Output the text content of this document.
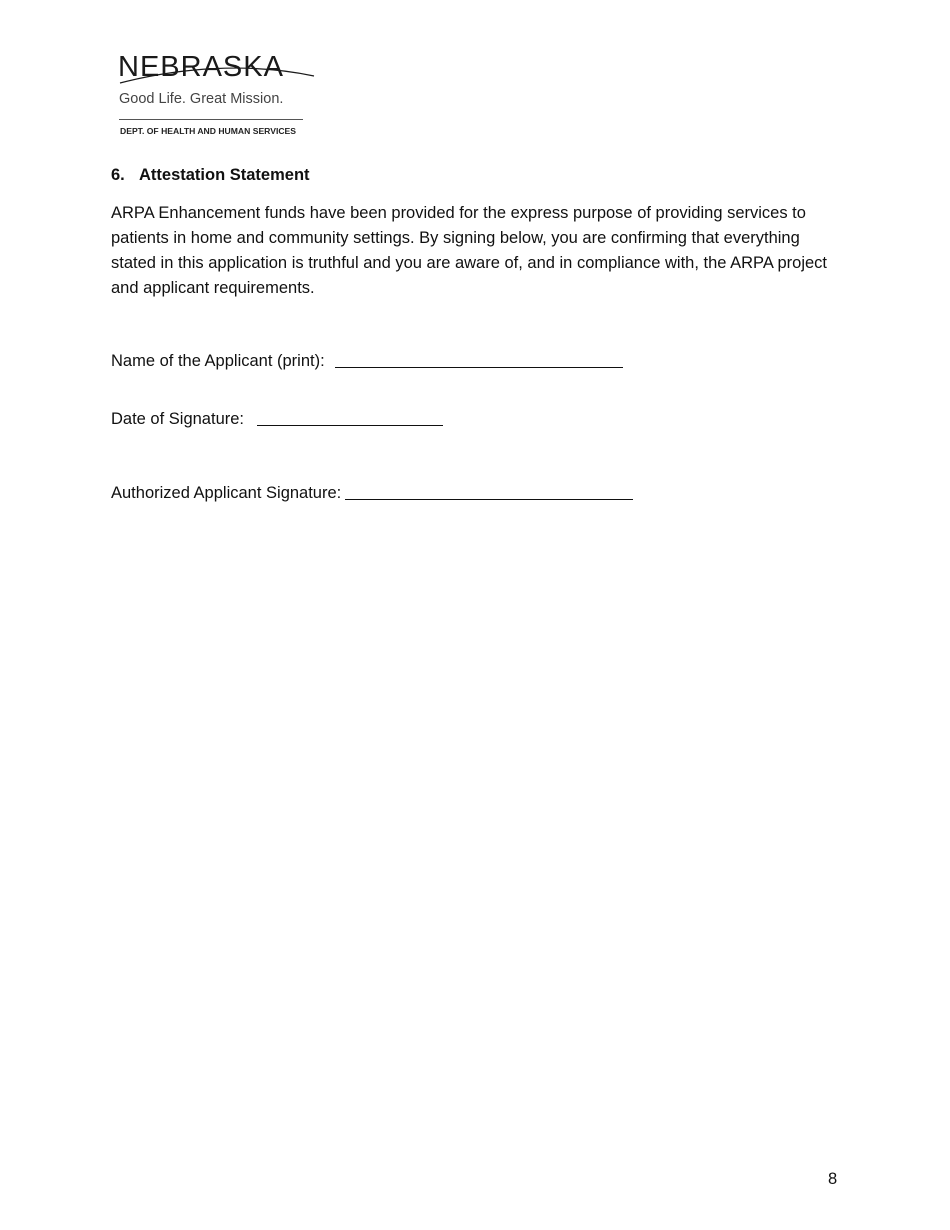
NEBRASKA
Good Life. Great Mission.
DEPT. OF HEALTH AND HUMAN SERVICES
6. Attestation Statement

ARPA Enhancement funds have been provided for the express purpose of providing services to patients in home and community settings. By signing below, you are confirming that everything stated in this application is truthful and you are aware of, and in compliance with, the ARPA project and applicant requirements.

Name of the Applicant (print):
Date of Signature:
Authorized Applicant Signature:
8
